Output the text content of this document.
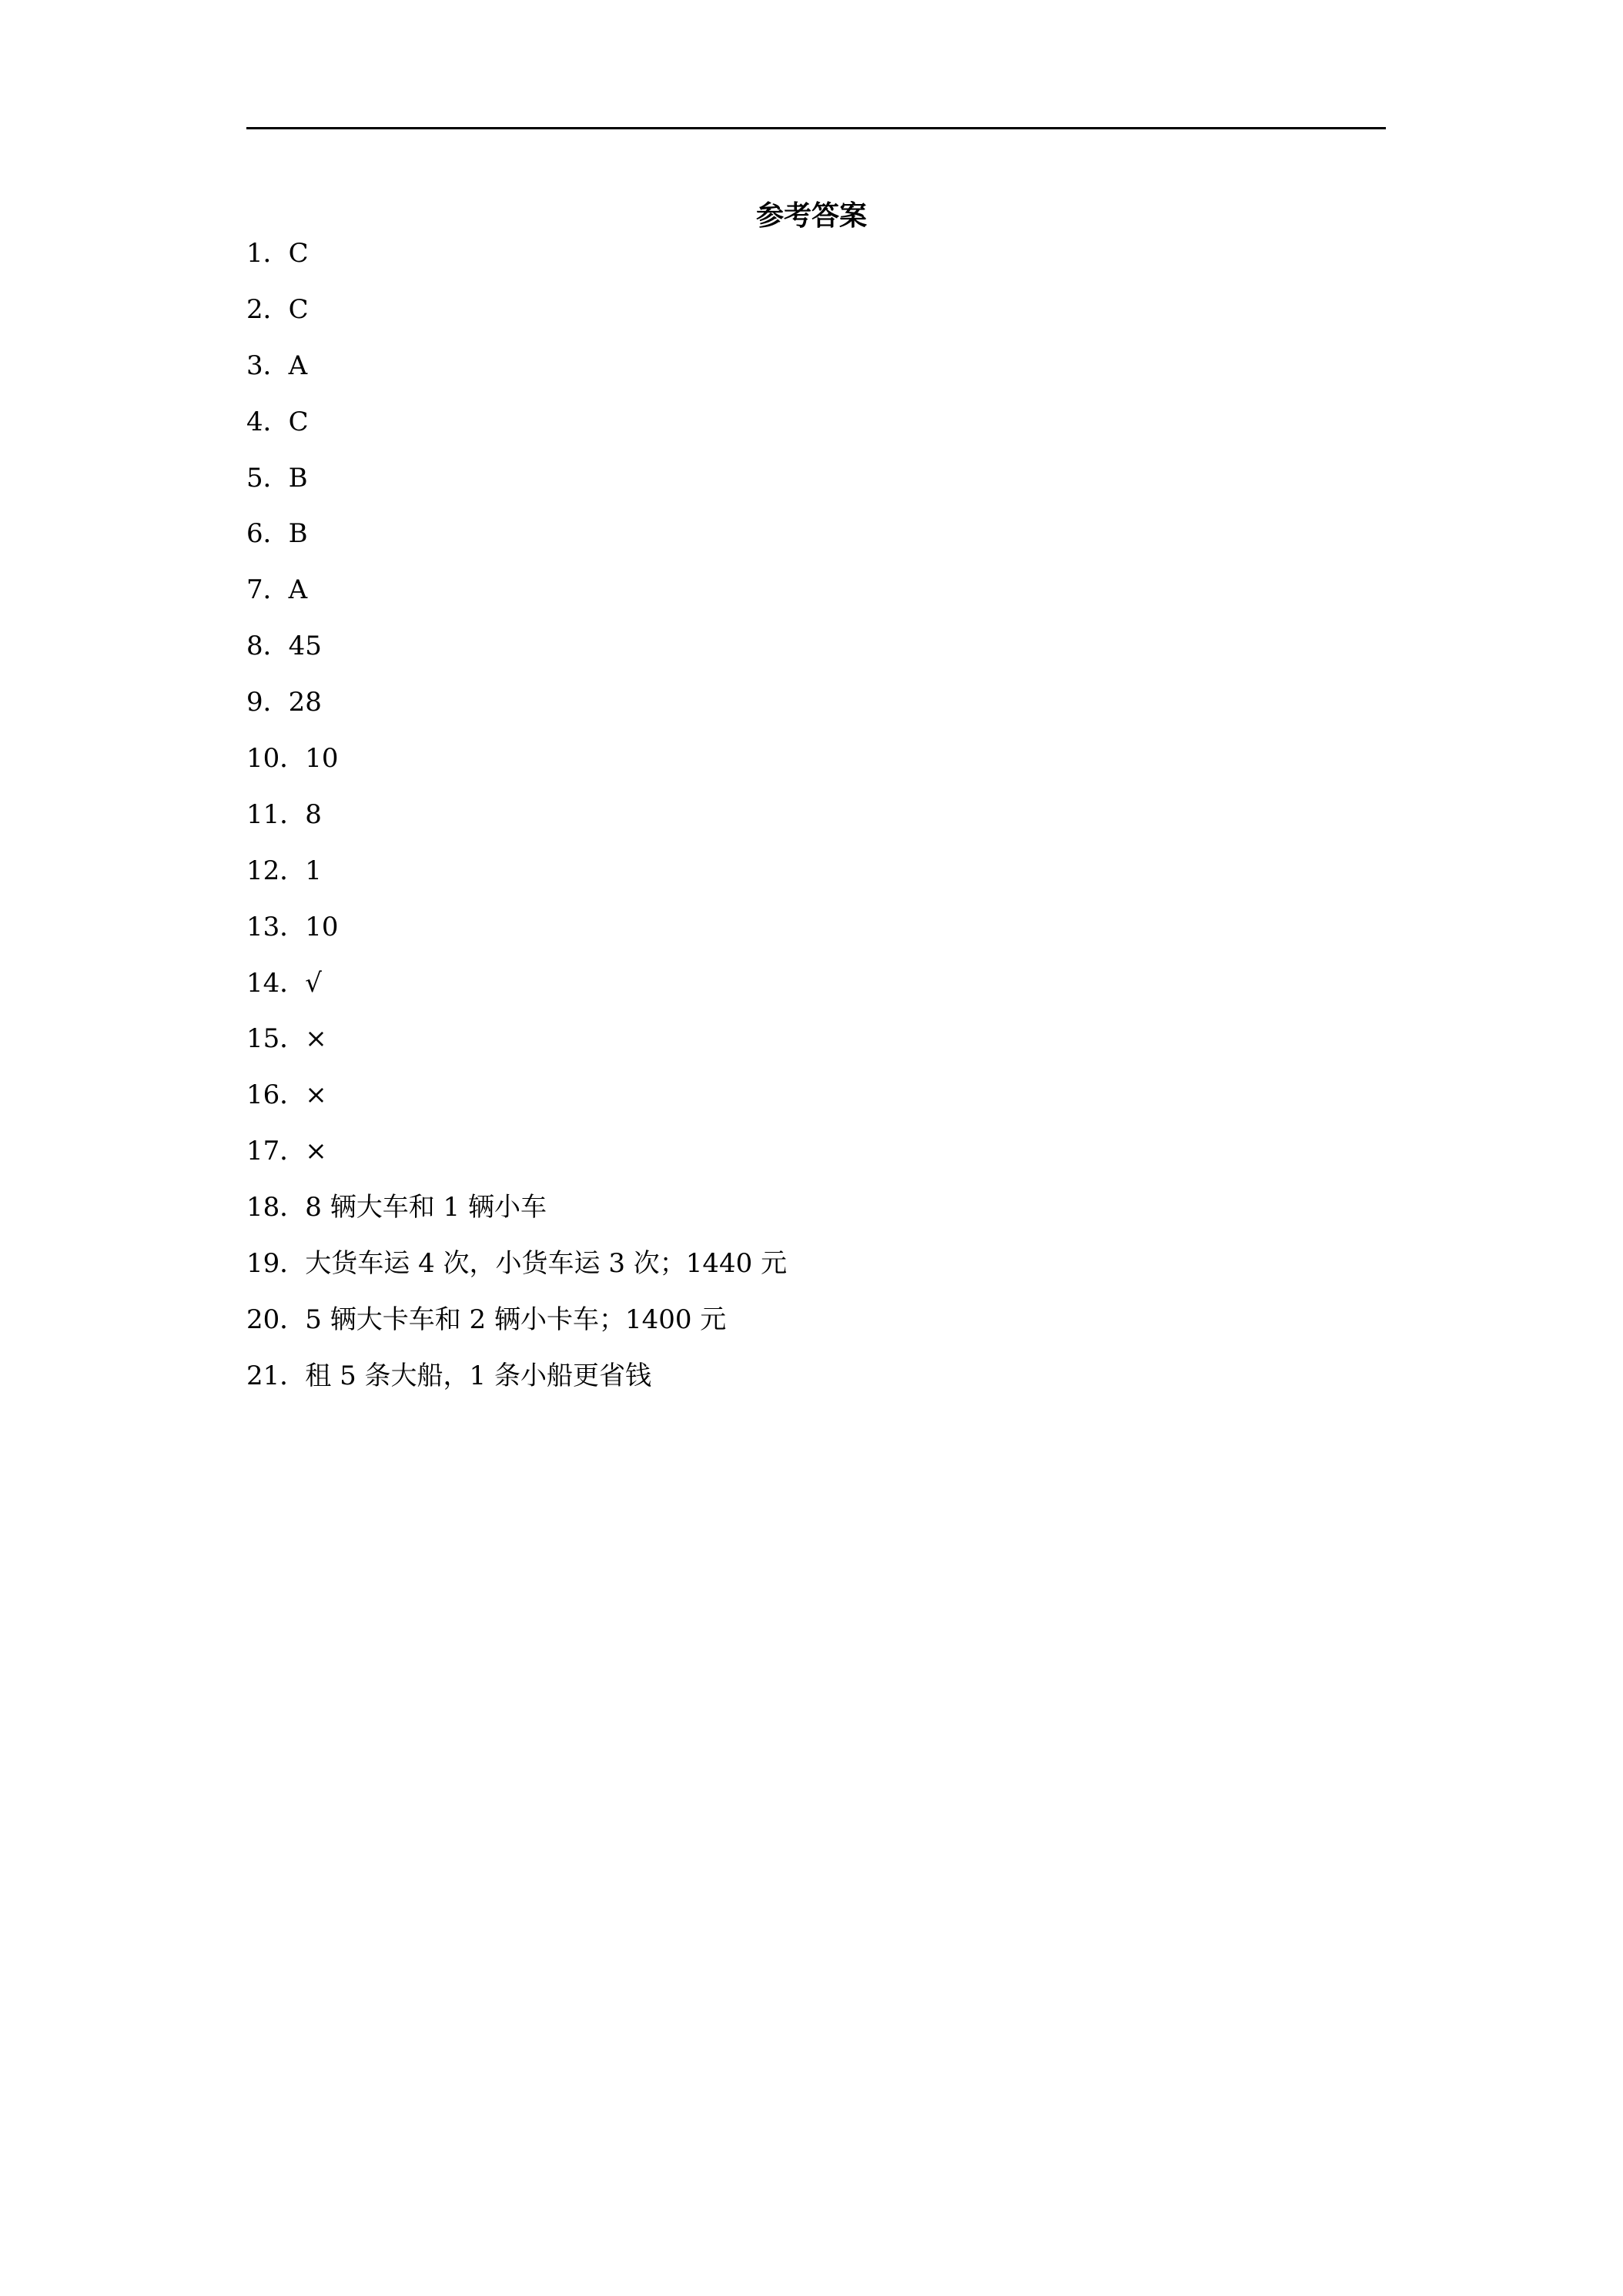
参考答案
1．C
2．C
3．A
4．C
5．B
6．B
7．A
8．45
9．28
10．10
11．8
12．1
13．10
14．√
15．×
16．×
17．×
18．8 辆大车和 1 辆小车
19．大货车运 4 次，小货车运 3 次；1440 元
20．5 辆大卡车和 2 辆小卡车；1400 元
21．租 5 条大船，1 条小船更省钱
